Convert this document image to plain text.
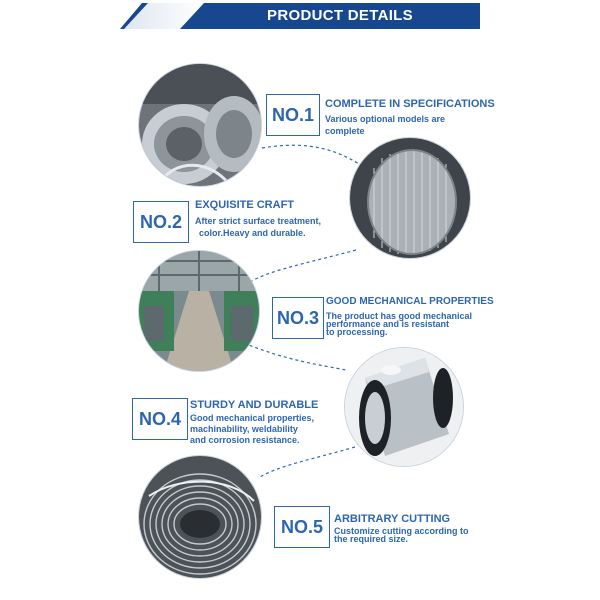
PRODUCT DETAILS
NO.1
COMPLETE IN SPECIFICATIONS
Various optional models are
complete
NO.2
EXQUISITE CRAFT
After strict surface treatment,
color.Heavy and durable.
NO.3
GOOD MECHANICAL PROPERTIES
The product has good mechanical
performance and is resistant
to processing.
NO.4
STURDY AND DURABLE
Good mechanical properties,
machinability, weldability
and corrosion resistance.
NO.5	ARBITRARY CUTTING
Customize cutting according to
the required size.
